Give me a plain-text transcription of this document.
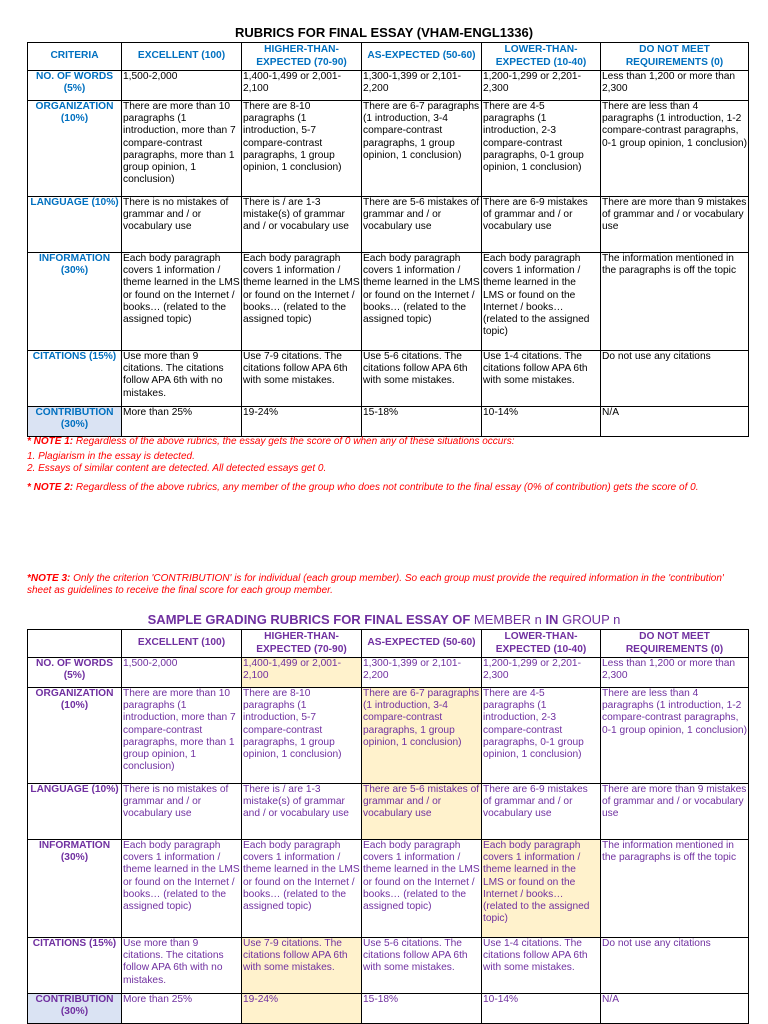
RUBRICS FOR FINAL ESSAY (VHAM-ENGL1336)
CRITERIA	EXCELLENT (100)	HIGHER-THAN-EXPECTED (70-90)	AS-EXPECTED (50-60)	LOWER-THAN-EXPECTED (10-40)	DO NOT MEET REQUIREMENTS (0)
NO. OF WORDS (5%)	1,500-2,000	1,400-1,499 or 2,001-2,100	1,300-1,399 or 2,101-2,200	1,200-1,299 or 2,201-2,300	Less than 1,200 or more than 2,300
ORGANIZATION (10%)	There are more than 10 paragraphs (1 introduction, more than 7 compare-contrast paragraphs, more than 1 group opinion, 1 conclusion)	There are 8-10 paragraphs (1 introduction, 5-7 compare-contrast paragraphs, 1 group opinion, 1 conclusion)	There are 6-7 paragraphs (1 introduction, 3-4 compare-contrast paragraphs, 1 group opinion, 1 conclusion)	There are 4-5 paragraphs (1 introduction, 2-3 compare-contrast paragraphs, 0-1 group opinion, 1 conclusion)	There are less than 4 paragraphs (1 introduction, 1-2 compare-contrast paragraphs, 0-1 group opinion, 1 conclusion)
LANGUAGE (10%)	There is no mistakes of grammar and / or vocabulary use	There is / are 1-3 mistake(s) of grammar and / or vocabulary use	There are 5-6 mistakes of grammar and / or vocabulary use	There are 6-9 mistakes of grammar and / or vocabulary use	There are more than 9 mistakes of grammar and / or vocabulary use
INFORMATION (30%)	Each body paragraph covers 1 information / theme learned in the LMS or found on the Internet / books… (related to the assigned topic)	Each body paragraph covers 1 information / theme learned in the LMS or found on the Internet / books… (related to the assigned topic)	Each body paragraph covers 1 information / theme learned in the LMS or found on the Internet / books… (related to the assigned topic)	Each body paragraph covers 1 information / theme learned in the LMS or found on the Internet / books… (related to the assigned topic)	The information mentioned in the paragraphs is off the topic
CITATIONS (15%)	Use more than 9 citations. The citations follow APA 6th with no mistakes.	Use 7-9 citations. The citations follow APA 6th with some mistakes.	Use 5-6 citations. The citations follow APA 6th with some mistakes.	Use 1-4 citations. The citations follow APA 6th with some mistakes.	Do not use any citations
CONTRIBUTION (30%)	More than 25%	19-24%	15-18%	10-14%	N/A
* NOTE 1: Regardless of the above rubrics, the essay gets the score of 0 when any of these situations occurs:
1. Plagiarism in the essay is detected.
2. Essays of similar content are detected. All detected essays get 0.
* NOTE 2: Regardless of the above rubrics, any member of the group who does not contribute to the final essay (0% of contribution) gets the score of 0.
*NOTE 3: Only the criterion 'CONTRIBUTION' is for individual (each group member). So each group must provide the required information in the 'contribution' sheet as guidelines to receive the final score for each group member.
SAMPLE GRADING RUBRICS FOR FINAL ESSAY OF MEMBER n IN GROUP n
	EXCELLENT (100)	HIGHER-THAN-EXPECTED (70-90)	AS-EXPECTED (50-60)	LOWER-THAN-EXPECTED (10-40)	DO NOT MEET REQUIREMENTS (0)
NO. OF WORDS (5%)	1,500-2,000	1,400-1,499 or 2,001-2,100	1,300-1,399 or 2,101-2,200	1,200-1,299 or 2,201-2,300	Less than 1,200 or more than 2,300
ORGANIZATION (10%)	There are more than 10 paragraphs (1 introduction, more than 7 compare-contrast paragraphs, more than 1 group opinion, 1 conclusion)	There are 8-10 paragraphs (1 introduction, 5-7 compare-contrast paragraphs, 1 group opinion, 1 conclusion)	There are 6-7 paragraphs (1 introduction, 3-4 compare-contrast paragraphs, 1 group opinion, 1 conclusion)	There are 4-5 paragraphs (1 introduction, 2-3 compare-contrast paragraphs, 0-1 group opinion, 1 conclusion)	There are less than 4 paragraphs (1 introduction, 1-2 compare-contrast paragraphs, 0-1 group opinion, 1 conclusion)
LANGUAGE (10%)	There is no mistakes of grammar and / or vocabulary use	There is / are 1-3 mistake(s) of grammar and / or vocabulary use	There are 5-6 mistakes of grammar and / or vocabulary use	There are 6-9 mistakes of grammar and / or vocabulary use	There are more than 9 mistakes of grammar and / or vocabulary use
INFORMATION (30%)	Each body paragraph covers 1 information / theme learned in the LMS or found on the Internet / books… (related to the assigned topic)	Each body paragraph covers 1 information / theme learned in the LMS or found on the Internet / books… (related to the assigned topic)	Each body paragraph covers 1 information / theme learned in the LMS or found on the Internet / books… (related to the assigned topic)	Each body paragraph covers 1 information / theme learned in the LMS or found on the Internet / books… (related to the assigned topic)	The information mentioned in the paragraphs is off the topic
CITATIONS (15%)	Use more than 9 citations. The citations follow APA 6th with no mistakes.	Use 7-9 citations. The citations follow APA 6th with some mistakes.	Use 5-6 citations. The citations follow APA 6th with some mistakes.	Use 1-4 citations. The citations follow APA 6th with some mistakes.	Do not use any citations
CONTRIBUTION (30%)	More than 25%	19-24%	15-18%	10-14%	N/A
